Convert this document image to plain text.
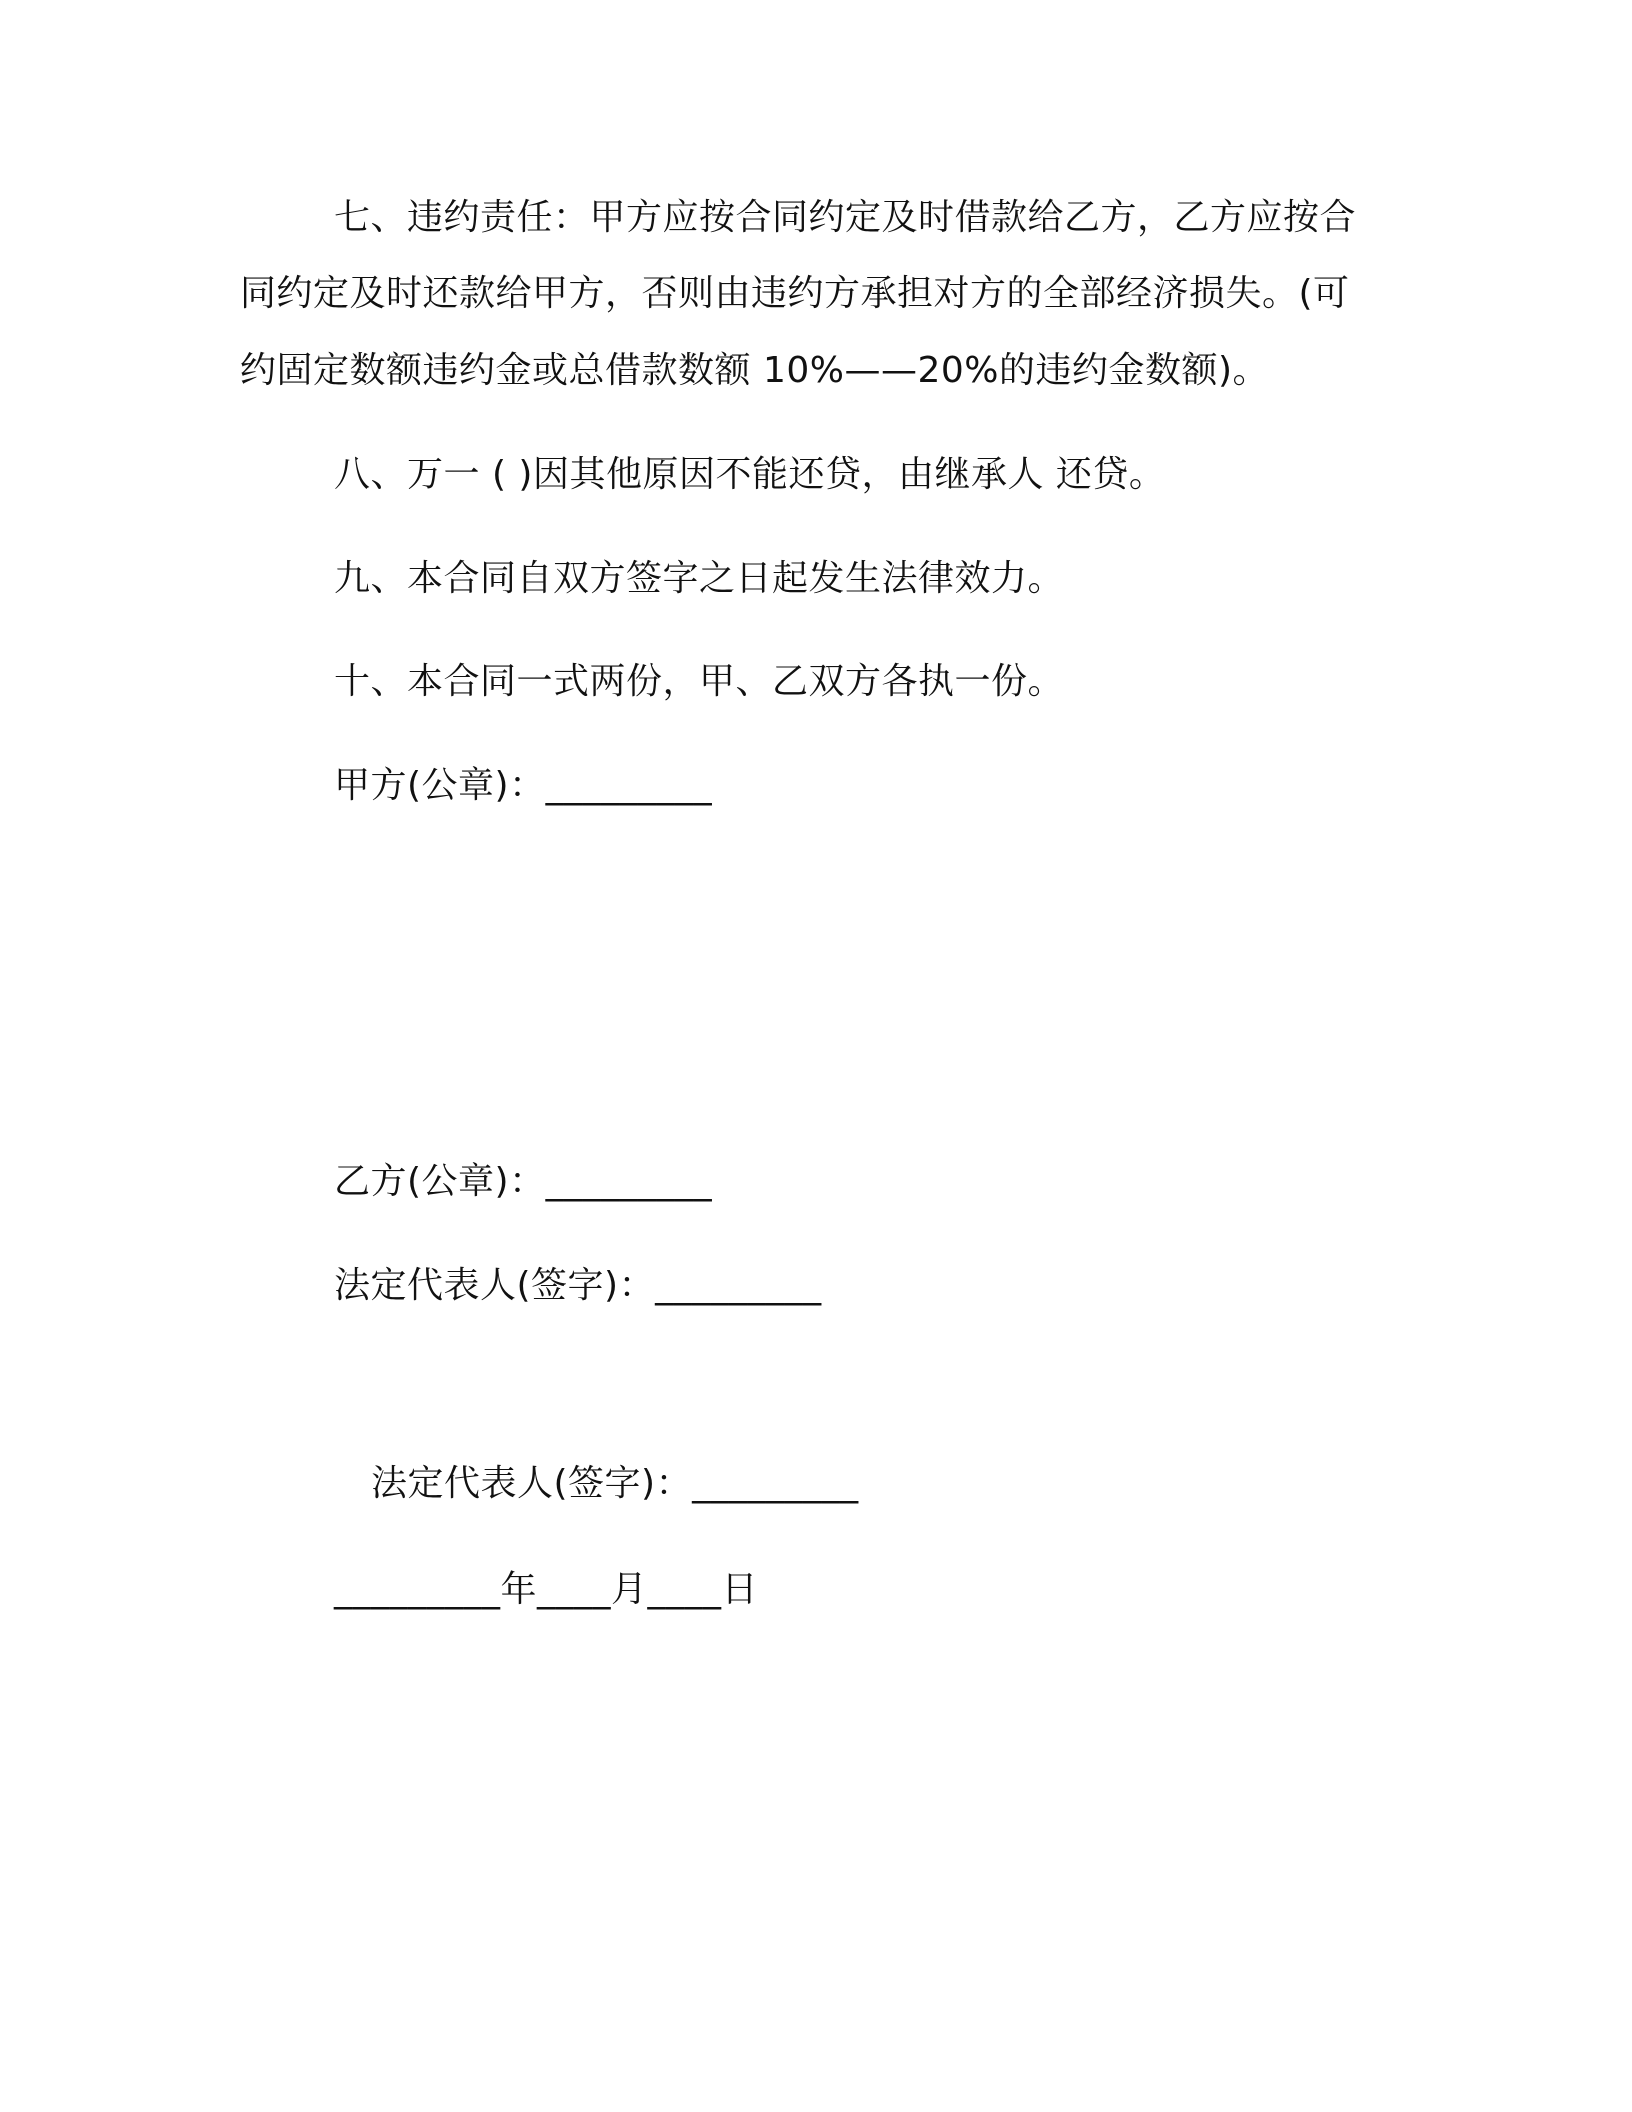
七、违约责任：甲方应按合同约定及时借款给乙方，乙方应按合
同约定及时还款给甲方，否则由违约方承担对方的全部经济损失。(可
约固定数额违约金或总借款数额 10%——20%的违约金数额)。
八、万一 ( )因其他原因不能还贷，由继承人 还贷。
九、本合同自双方签字之日起发生法律效力。
十、本合同一式两份，甲、乙双方各执一份。
甲方(公章)：_________
乙方(公章)：_________
法定代表人(签字)：_________
法定代表人(签字)：_________
_________年____月____日
